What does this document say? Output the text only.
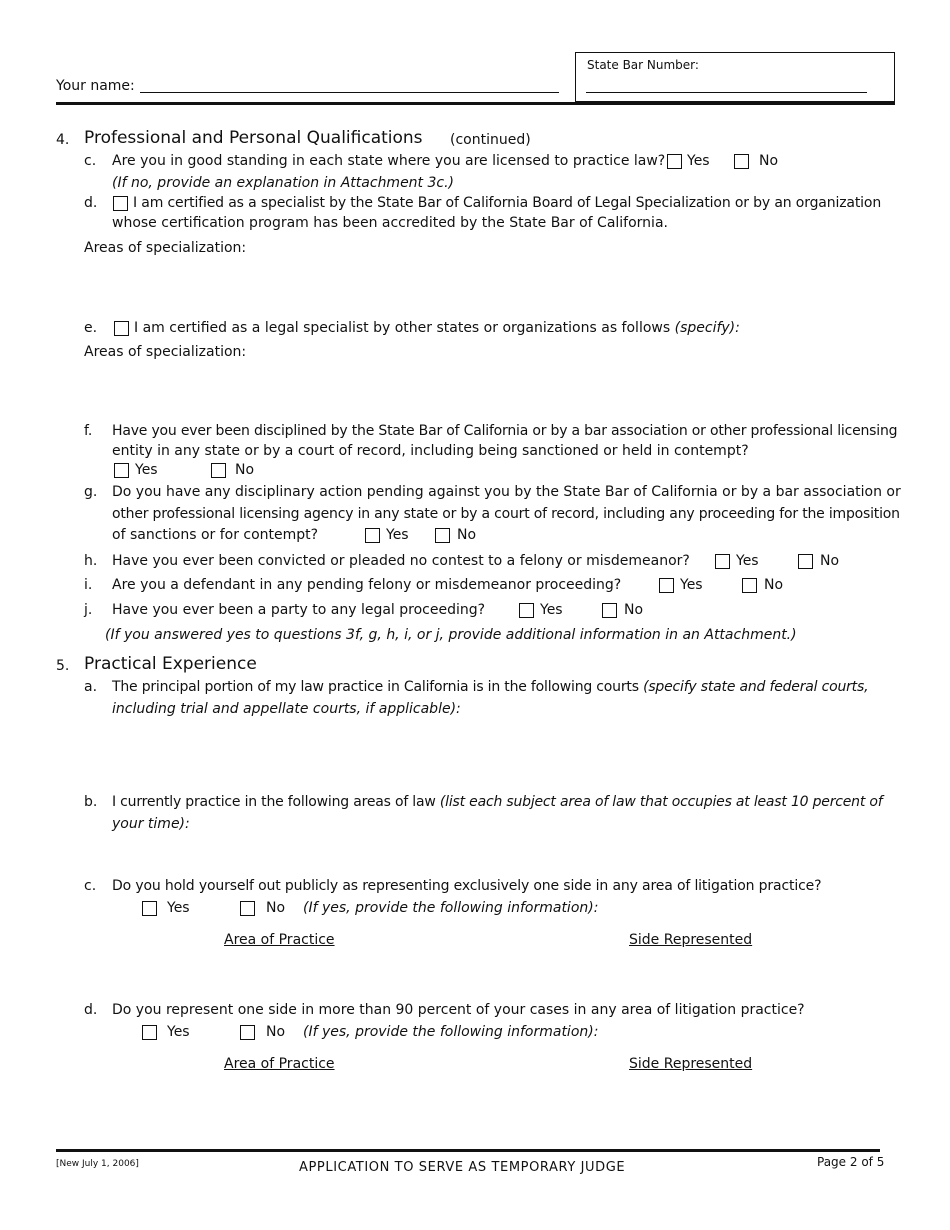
Your name:
State Bar Number:
4. Professional and Personal Qualifications (continued)
c. Are you in good standing in each state where you are licensed to practice law? Yes	No
(If no, provide an explanation in Attachment 3c.)
d.	I am certified as a specialist by the State Bar of California Board of Legal Specialization or by an organization
whose certification program has been accredited by the State Bar of California.
Areas of specialization:
e.	I am certified as a legal specialist by other states or organizations as follows (specify):
Areas of specialization:
f. Have you ever been disciplined by the State Bar of California or by a bar association or other professional licensing
entity in any state or by a court of record, including being sanctioned or held in contempt?
Yes	No
g. Do you have any disciplinary action pending against you by the State Bar of California or by a bar association or
other professional licensing agency in any state or by a court of record, including any proceeding for the imposition
of sanctions or for contempt?	Yes	No
h. Have you ever been convicted or pleaded no contest to a felony or misdemeanor?	Yes	No
i. Are you a defendant in any pending felony or misdemeanor proceeding?	Yes	No
j. Have you ever been a party to any legal proceeding?	Yes	No
(If you answered yes to questions 3f, g, h, i, or j, provide additional information in an Attachment.)
5. Practical Experience
a. The principal portion of my law practice in California is in the following courts (specify state and federal courts,
including trial and appellate courts, if applicable):
b. I currently practice in the following areas of law (list each subject area of law that occupies at least 10 percent of
your time):
c. Do you hold yourself out publicly as representing exclusively one side in any area of litigation practice?
Yes	No (If yes, provide the following information):
Area of Practice	Side Represented
d. Do you represent one side in more than 90 percent of your cases in any area of litigation practice?
Yes	No (If yes, provide the following information):
Area of Practice	Side Represented
[New July 1, 2006]	APPLICATION TO SERVE AS TEMPORARY JUDGE	Page 2 of 5
